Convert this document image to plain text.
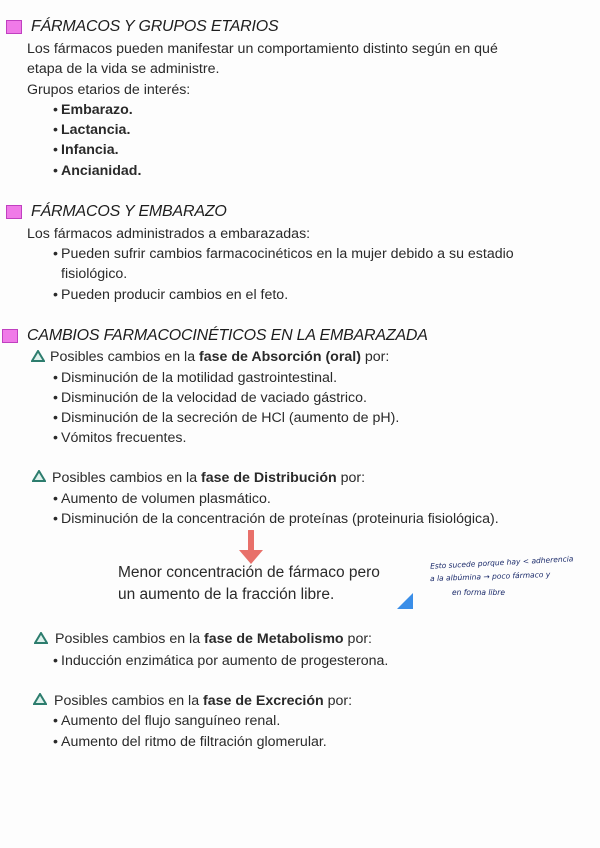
FÁRMACOS Y GRUPOS ETARIOS
Los fármacos pueden manifestar un comportamiento distinto según en qué
etapa de la vida se administre.
Grupos etarios de interés:
• Embarazo.
• Lactancia.
• Infancia.
• Ancianidad.
FÁRMACOS Y EMBARAZO
Los fármacos administrados a embarazadas:
• Pueden sufrir cambios farmacocinéticos en la mujer debido a su estadio
fisiológico.
• Pueden producir cambios en el feto.
CAMBIOS FARMACOCINÉTICOS EN LA EMBARAZADA
Posibles cambios en la fase de Absorción (oral) por:
• Disminución de la motilidad gastrointestinal.
• Disminución de la velocidad de vaciado gástrico.
• Disminución de la secreción de HCl (aumento de pH).
• Vómitos frecuentes.
Posibles cambios en la fase de Distribución por:
• Aumento de volumen plasmático.
• Disminución de la concentración de proteínas (proteinuria fisiológica).
Menor concentración de fármaco pero
un aumento de la fracción libre.
Esto sucede porque hay < adherencia
a la albúmina → poco fármaco y
en forma libre
Posibles cambios en la fase de Metabolismo por:
• Inducción enzimática por aumento de progesterona.
Posibles cambios en la fase de Excreción por:
• Aumento del flujo sanguíneo renal.
• Aumento del ritmo de filtración glomerular.
